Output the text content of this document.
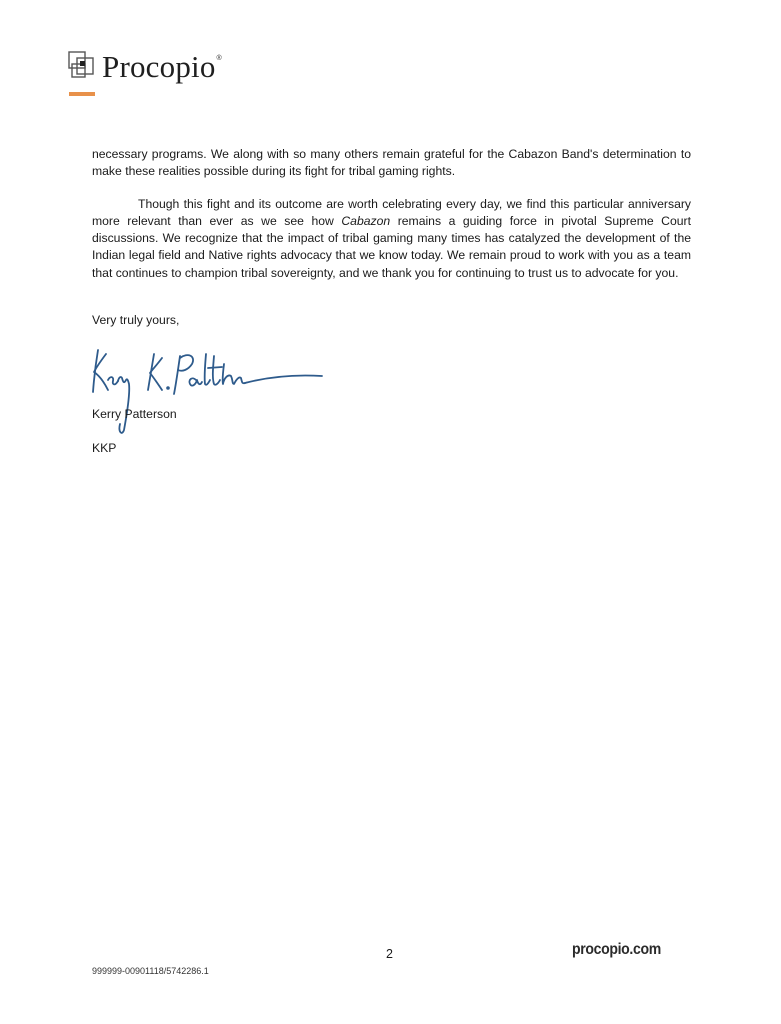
Procopio®

necessary programs. We along with so many others remain grateful for the Cabazon Band's determination to make these realities possible during its fight for tribal gaming rights.

Though this fight and its outcome are worth celebrating every day, we find this particular anniversary more relevant than ever as we see how Cabazon remains a guiding force in pivotal Supreme Court discussions. We recognize that the impact of tribal gaming many times has catalyzed the development of the Indian legal field and Native rights advocacy that we know today. We remain proud to work with you as a team that continues to champion tribal sovereignty, and we thank you for continuing to trust us to advocate for you.

Very truly yours,
Kerry Patterson
KKP
2	procopio.com
999999-00901118/5742286.1
